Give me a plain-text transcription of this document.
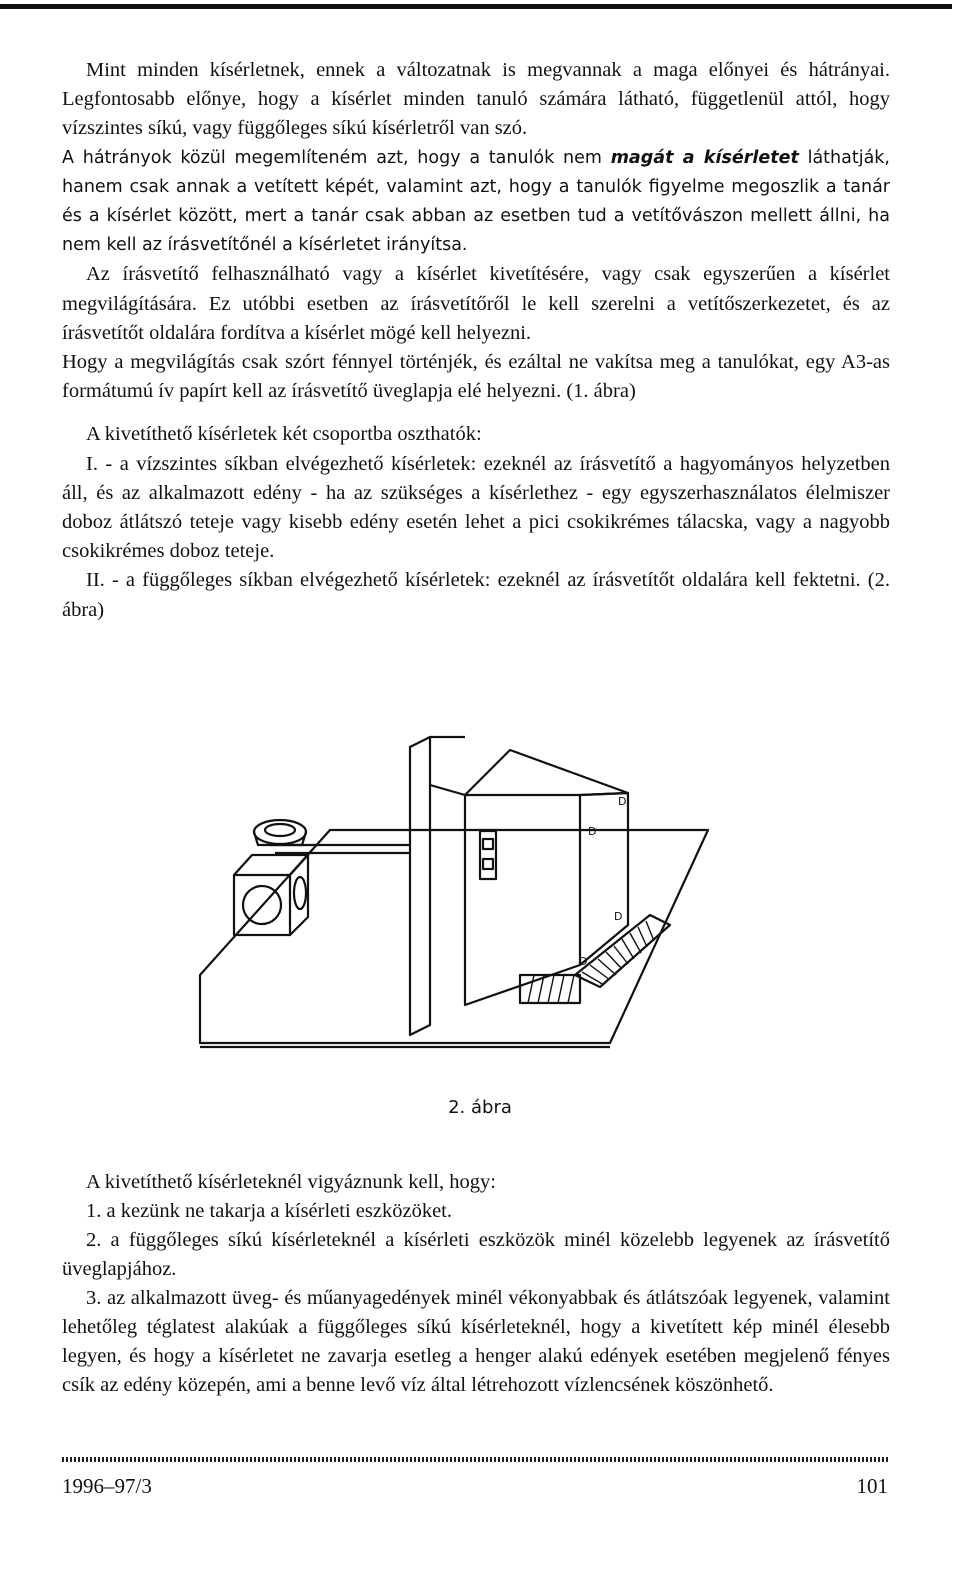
Mint minden kísérletnek, ennek a változatnak is megvannak a maga előnyei és hátrányai. Legfontosabb előnye, hogy a kísérlet minden tanuló számára látható, függetlenül attól, hogy vízszintes síkú, vagy függőleges síkú kísérletről van szó.

A hátrányok közül megemlíteném azt, hogy a tanulók nem magát a kísérletet láthatják, hanem csak annak a vetített képét, valamint azt, hogy a tanulók figyelme megoszlik a tanár és a kísérlet között, mert a tanár csak abban az esetben tud a vetítővászon mellett állni, ha nem kell az írásvetítőnél a kísérletet irányítsa.

Az írásvetítő felhasználható vagy a kísérlet kivetítésére, vagy csak egyszerűen a kísérlet megvilágítására. Ez utóbbi esetben az írásvetítőről le kell szerelni a vetítőszerkezetet, és az írásvetítőt oldalára fordítva a kísérlet mögé kell helyezni.

Hogy a megvilágítás csak szórt fénnyel történjék, és ezáltal ne vakítsa meg a tanulókat, egy A3-as formátumú ív papírt kell az írásvetítő üveglapja elé helyezni. (1. ábra)

A kivetíthető kísérletek két csoportba oszthatók:

I. - a vízszintes síkban elvégezhető kísérletek: ezeknél az írásvetítő a hagyományos helyzetben áll, és az alkalmazott edény - ha az szükséges a kísérlethez - egy egyszerhasználatos élelmiszer doboz átlátszó teteje vagy kisebb edény esetén lehet a pici csokikrémes tálacska, vagy a nagyobb csokikrémes doboz teteje.

II. - a függőleges síkban elvégezhető kísérletek: ezeknél az írásvetítőt oldalára kell fektetni. (2. ábra)

D
D
D
D
2. ábra

A kivetíthető kísérleteknél vigyáznunk kell, hogy:

1. a kezünk ne takarja a kísérleti eszközöket.

2. a függőleges síkú kísérleteknél a kísérleti eszközök minél közelebb legyenek az írásvetítő üveglapjához.

3. az alkalmazott üveg- és műanyagedények minél vékonyabbak és átlátszóak legyenek, valamint lehetőleg téglatest alakúak a függőleges síkú kísérleteknél, hogy a kivetített kép minél élesebb legyen, és hogy a kísérletet ne zavarja esetleg a henger alakú edények esetében megjelenő fényes csík az edény közepén, ami a benne levő víz által létrehozott vízlencsének köszönhető.

1996–97/3	101
